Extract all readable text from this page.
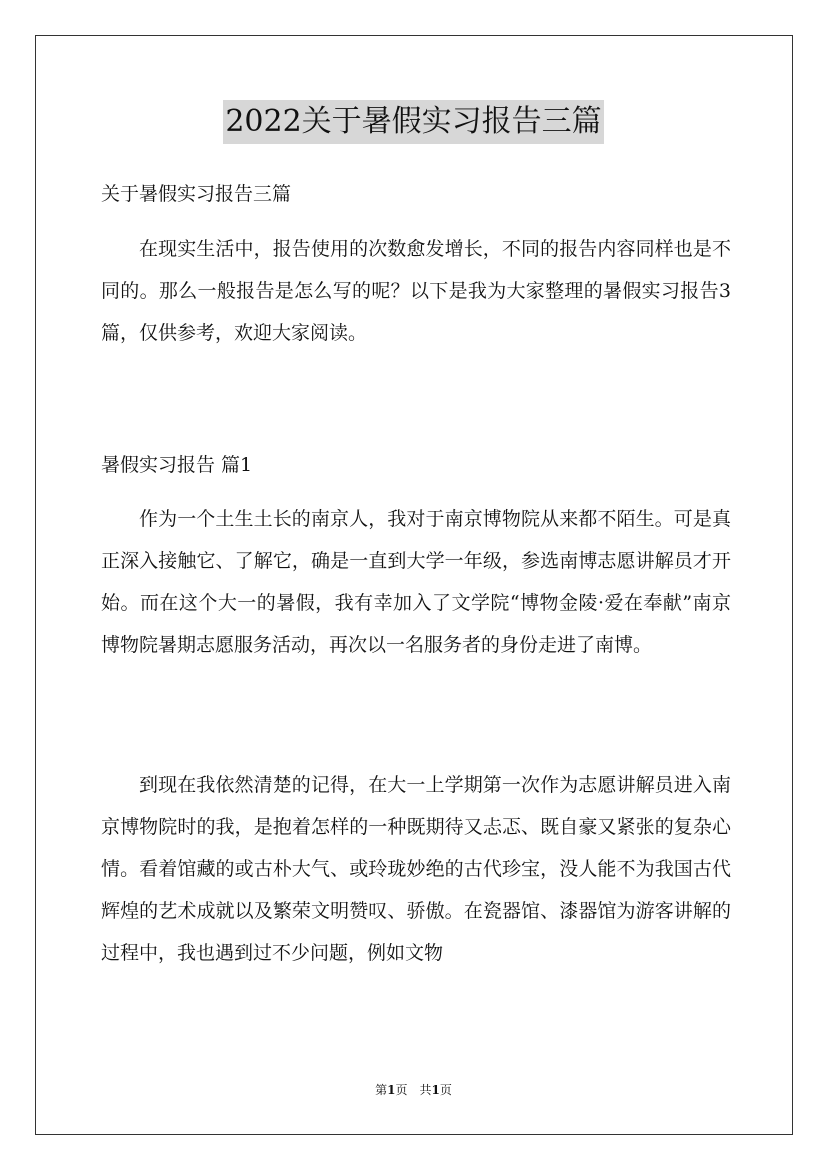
2022关于暑假实习报告三篇

关于暑假实习报告三篇

在现实生活中，报告使用的次数愈发增长，不同的报告内容同样也是不同的。那么一般报告是怎么写的呢？以下是我为大家整理的暑假实习报告3篇，仅供参考，欢迎大家阅读。

暑假实习报告 篇1

作为一个土生土长的南京人，我对于南京博物院从来都不陌生。可是真正深入接触它、了解它，确是一直到大学一年级，参选南博志愿讲解员才开始。而在这个大一的暑假，我有幸加入了文学院“博物金陵·爱在奉献”南京博物院暑期志愿服务活动，再次以一名服务者的身份走进了南博。

到现在我依然清楚的记得，在大一上学期第一次作为志愿讲解员进入南京博物院时的我，是抱着怎样的一种既期待又忐忑、既自豪又紧张的复杂心情。看着馆藏的或古朴大气、或玲珑妙绝的古代珍宝，没人能不为我国古代辉煌的艺术成就以及繁荣文明赞叹、骄傲。在瓷器馆、漆器馆为游客讲解的过程中，我也遇到过不少问题，例如文物

第1页　共1页
